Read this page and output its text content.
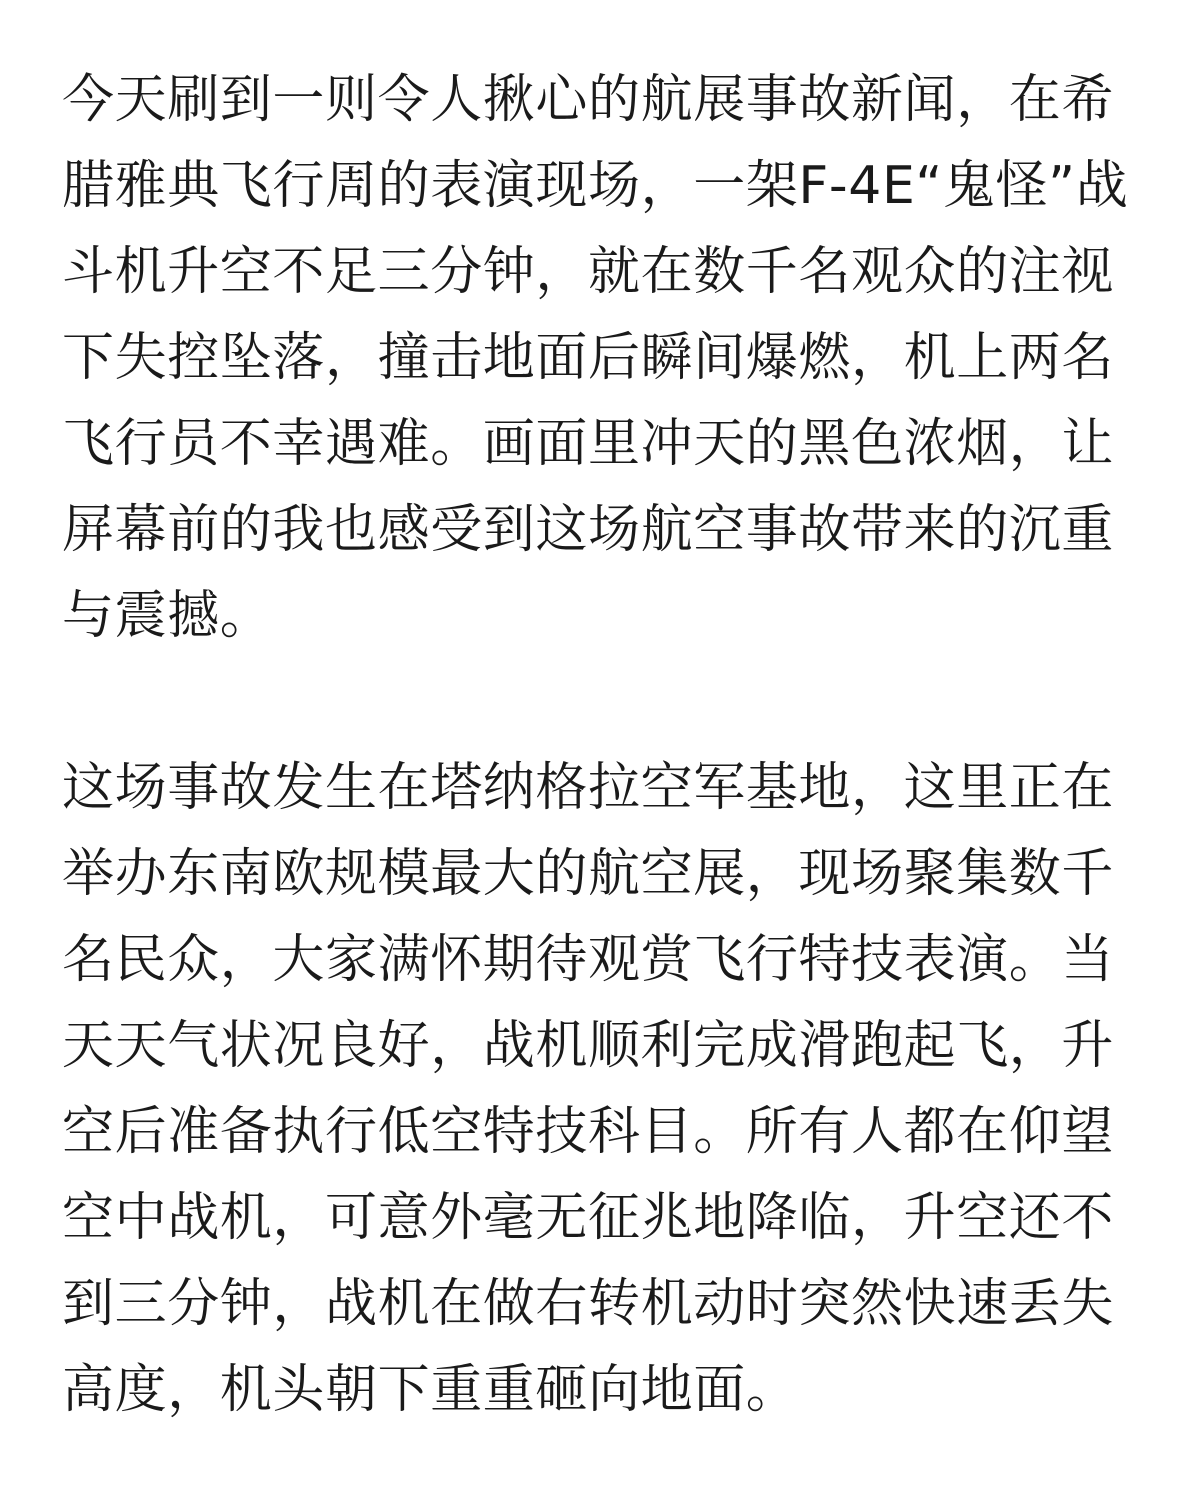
今天刷到一则令人揪心的航展事故新闻，在希
腊雅典飞行周的表演现场，一架F-4E“鬼怪”战
斗机升空不足三分钟，就在数千名观众的注视
下失控坠落，撞击地面后瞬间爆燃，机上两名
飞行员不幸遇难。画面里冲天的黑色浓烟，让
屏幕前的我也感受到这场航空事故带来的沉重
与震撼。

这场事故发生在塔纳格拉空军基地，这里正在
举办东南欧规模最大的航空展，现场聚集数千
名民众，大家满怀期待观赏飞行特技表演。当
天天气状况良好，战机顺利完成滑跑起飞，升
空后准备执行低空特技科目。所有人都在仰望
空中战机，可意外毫无征兆地降临，升空还不
到三分钟，战机在做右转机动时突然快速丢失
高度，机头朝下重重砸向地面。
